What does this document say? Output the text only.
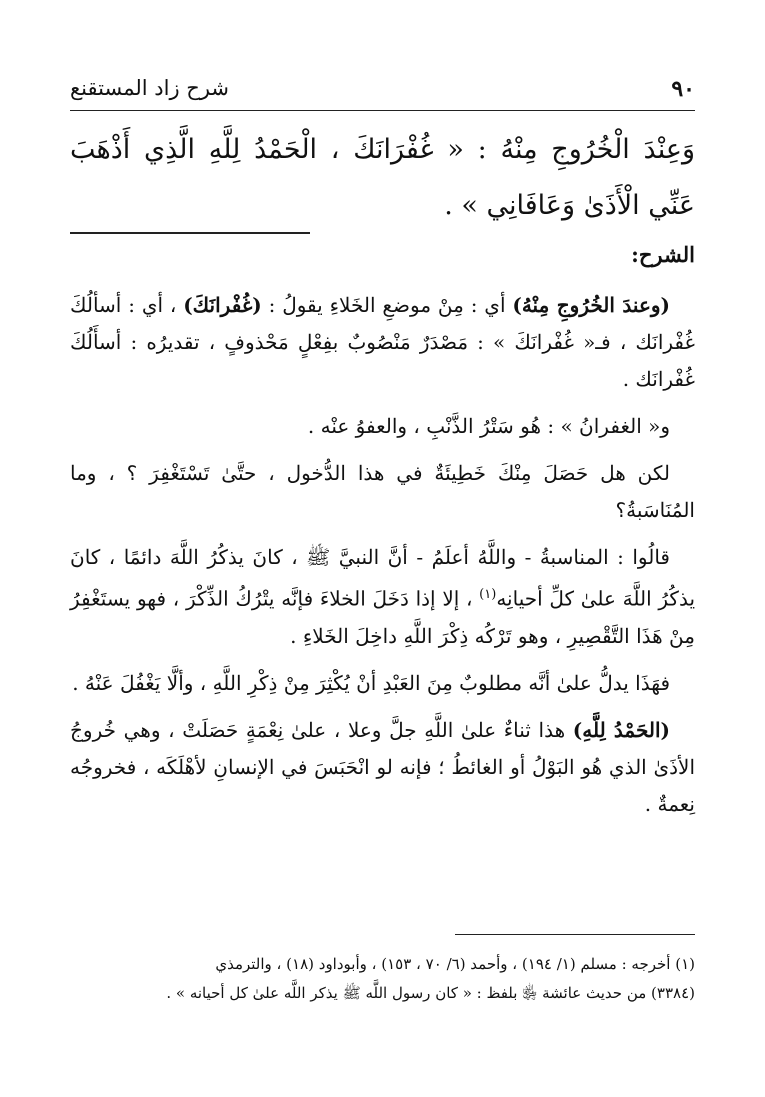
٩٠
شرح زاد المستقنع
وَعِنْدَ الْخُرُوجِ مِنْهُ : « غُفْرَانَكَ ، الْحَمْدُ لِلَّهِ الَّذِي أَذْهَبَ عَنِّي الْأَذَىٰ وَعَافَانِي » .
الشرح:

(وعندَ الخُرُوجِ مِنْهُ) أي : مِنْ موضعِ الخَلاءِ يقولُ : (غُفْرانَكَ) ، أي : أسألُكَ غُفْرانَك ، فـ« غُفْرانَكَ » : مَصْدَرٌ مَنْصُوبٌ بفِعْلٍ مَحْذوفٍ ، تقديرُه : أسأَلُكَ غُفْرانَك .

و« الغفرانُ » : هُو سَتْرُ الذَّنْبِ ، والعفوُ عنْه .

لكن هل حَصَلَ مِنْكَ خَطِيئَةٌ في هذا الدُّخول ، حتَّىٰ تَسْتَغْفِرَ ؟ ، وما المُنَاسَبةُ؟

قالُوا : المناسبةُ - واللَّهُ أعلَمُ - أنَّ النبيَّ ﷺ ، كانَ يذكُرُ اللَّهَ دائمًا ، كانَ يذكُرُ اللَّهَ علىٰ كلِّ أحيانِه$^{(١)}$ ، إلا إذا دَخَلَ الخلاءَ فإنَّه يتْرُكُ الذِّكْرَ ، فهو يستَغْفِرُ مِنْ هَذَا التَّقْصِيرِ ، وهو تَرْكُه ذِكْرَ اللَّهِ داخِلَ الخَلاءِ .

فهَذَا يدلُّ علىٰ أنَّه مطلوبٌ مِنَ العَبْدِ أنْ يُكْثِرَ مِنْ ذِكْرِ اللَّهِ ، وألَّا يَغْفُلَ عَنْهُ .

(الحَمْدُ لِلَّهِ) هذا ثناءٌ علىٰ اللَّهِ جلَّ وعلا ، علىٰ نِعْمَةٍ حَصَلَتْ ، وهي خُروجُ الأذَىٰ الذي هُو البَوْلُ أو الغائطُ ؛ فإنه لو انْحَبَسَ في الإنسانِ لأهْلَكَه ، فخروجُه نِعمةٌ .

(١) أخرجه : مسلم (١/ ١٩٤) ، وأحمد (٦/ ٧٠ ، ١٥٣) ، وأبوداود (١٨) ، والترمذي

(٣٣٨٤) من حديث عائشة ﵂ بلفظ : « كان رسول اللَّه ﷺ يذكر اللَّه علىٰ كل أحيانه » .
